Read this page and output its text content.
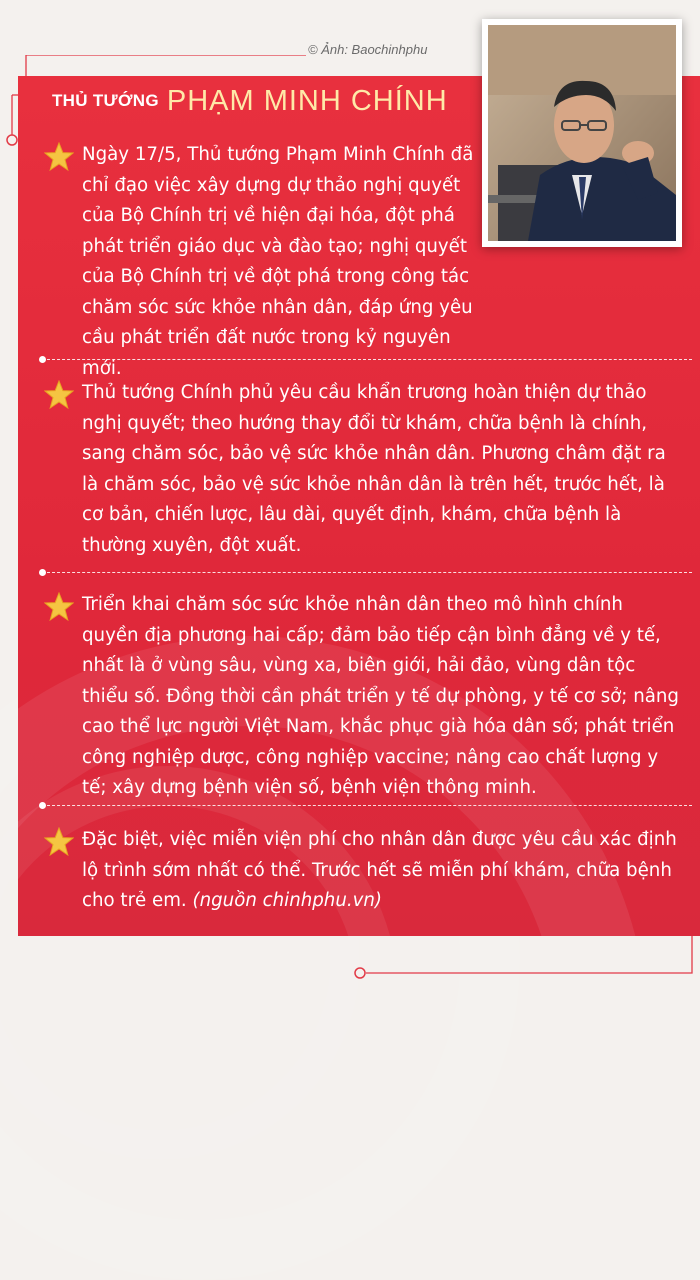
© Ảnh: Baochinhphu
THỦ TƯỚNG PHẠM MINH CHÍNH

Ngày 17/5, Thủ tướng Phạm Minh Chính đã chỉ đạo việc xây dựng dự thảo nghị quyết của Bộ Chính trị về hiện đại hóa, đột phá phát triển giáo dục và đào tạo; nghị quyết của Bộ Chính trị về đột phá trong công tác chăm sóc sức khỏe nhân dân, đáp ứng yêu cầu phát triển đất nước trong kỷ nguyên mới.

Thủ tướng Chính phủ yêu cầu khẩn trương hoàn thiện dự thảo nghị quyết; theo hướng thay đổi từ khám, chữa bệnh là chính, sang chăm sóc, bảo vệ sức khỏe nhân dân. Phương châm đặt ra là chăm sóc, bảo vệ sức khỏe nhân dân là trên hết, trước hết, là cơ bản, chiến lược, lâu dài, quyết định, khám, chữa bệnh là thường xuyên, đột xuất.

Triển khai chăm sóc sức khỏe nhân dân theo mô hình chính quyền địa phương hai cấp; đảm bảo tiếp cận bình đẳng về y tế, nhất là ở vùng sâu, vùng xa, biên giới, hải đảo, vùng dân tộc thiểu số. Đồng thời cần phát triển y tế dự phòng, y tế cơ sở; nâng cao thể lực người Việt Nam, khắc phục già hóa dân số; phát triển công nghiệp dược, công nghiệp vaccine; nâng cao chất lượng y tế; xây dựng bệnh viện số, bệnh viện thông minh.

Đặc biệt, việc miễn viện phí cho nhân dân được yêu cầu xác định lộ trình sớm nhất có thể. Trước hết sẽ miễn phí khám, chữa bệnh cho trẻ em. (nguồn chinhphu.vn)
